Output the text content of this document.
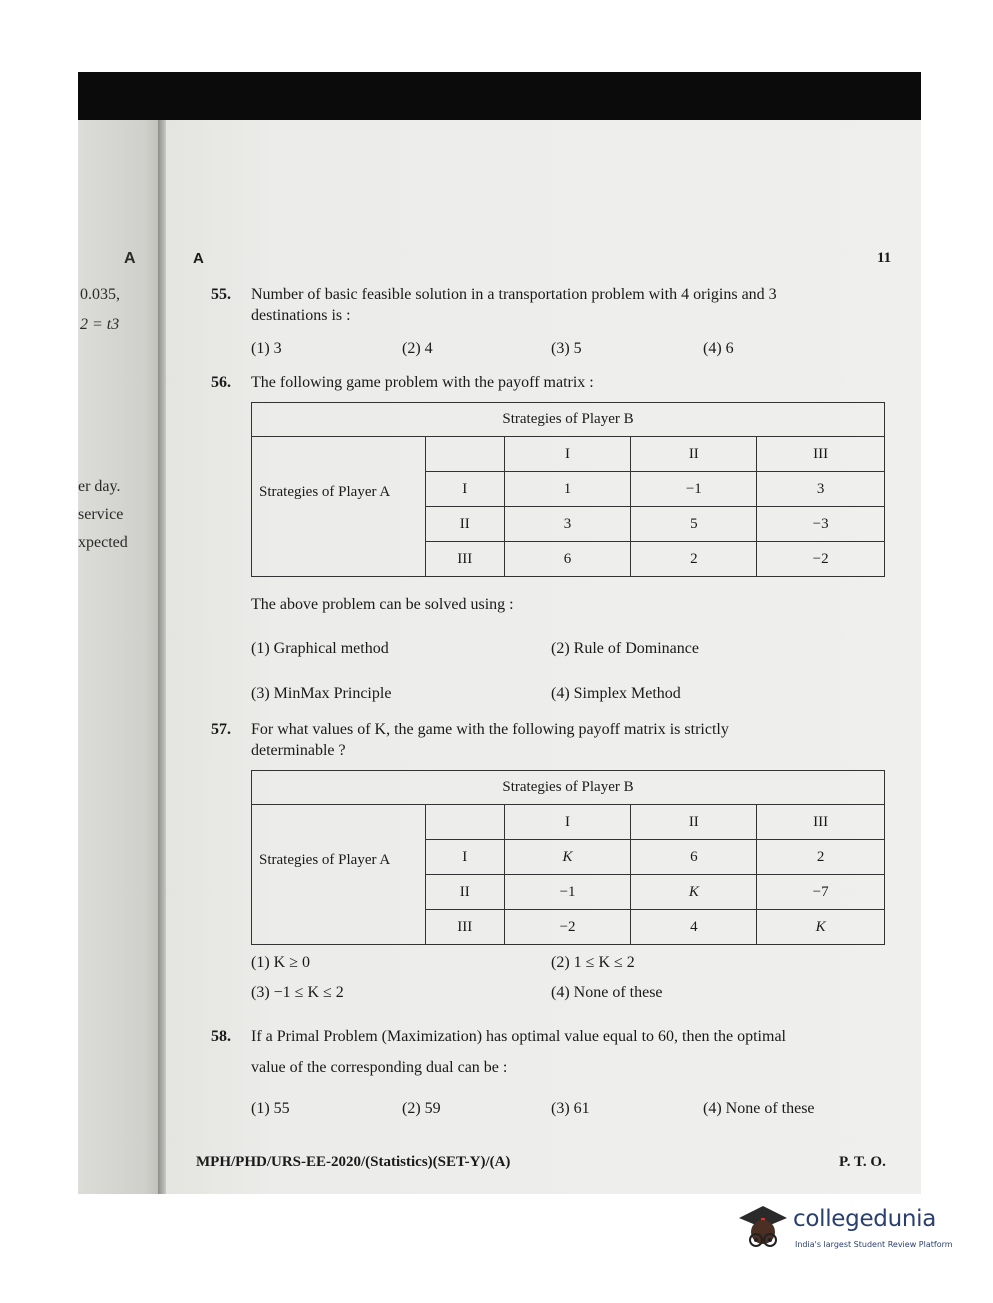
A
0.035,
2 = t3
er day.
service
xpected
A	11
55. Number of basic feasible solution in a transportation problem with 4 origins and 3
destinations is :
(1) 3	(2) 4	(3) 5	(4) 6
56. The following game problem with the payoff matrix :
Strategies of Player B				
Strategies of Player A		I	II	III
	I	1	−1	3
	II	3	5	−3
	III	6	2	−2
The above problem can be solved using :
(1) Graphical method	(2) Rule of Dominance
(3) MinMax Principle	(4) Simplex Method
57. For what values of K, the game with the following payoff matrix is strictly
determinable ?
Strategies of Player B				
Strategies of Player A		I	II	III
	I	K	6	2
	II	−1	K	−7
	III	−2	4	K
(1) K ≥ 0	(2) 1 ≤ K ≤ 2
(3) −1 ≤ K ≤ 2	(4) None of these
58. If a Primal Problem (Maximization) has optimal value equal to 60, then the optimal
value of the corresponding dual can be :
(1) 55	(2) 59	(3) 61	(4) None of these
MPH/PHD/URS-EE-2020/(Statistics)(SET-Y)/(A)	P. T. O.
collegedunia
India's largest Student Review Platform
